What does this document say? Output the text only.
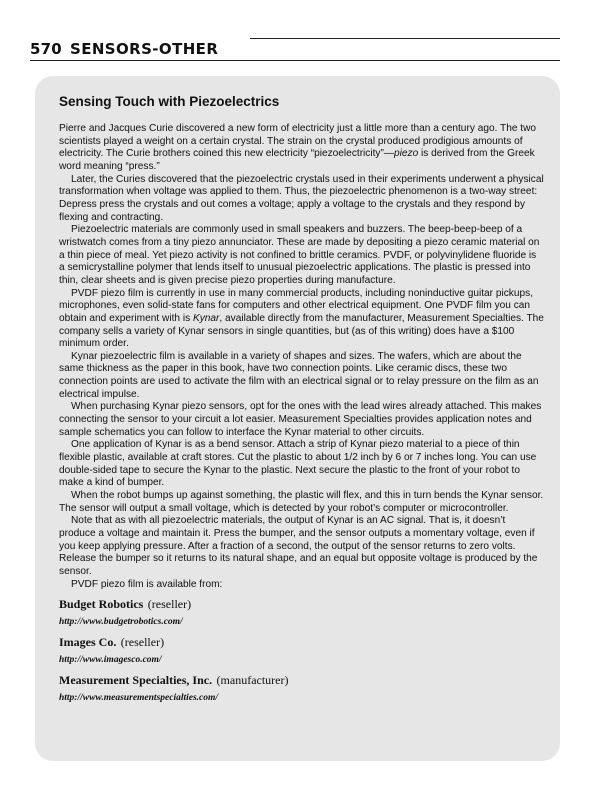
570 SENSORS-OTHER
Sensing Touch with Piezoelectrics

Pierre and Jacques Curie discovered a new form of electricity just a little more than a century ago. The two scientists played a weight on a certain crystal. The strain on the crystal produced prodigious amounts of electricity. The Curie brothers coined this new electricity “piezoelectricity”—piezo is derived from the Greek word meaning “press.”

Later, the Curies discovered that the piezoelectric crystals used in their experiments underwent a physical transformation when voltage was applied to them. Thus, the piezoelectric phenomenon is a two-way street: Depress press the crystals and out comes a voltage; apply a voltage to the crystals and they respond by flexing and contracting.

Piezoelectric materials are commonly used in small speakers and buzzers. The beep-beep-beep of a wristwatch comes from a tiny piezo annunciator. These are made by depositing a piezo ceramic material on a thin piece of meal. Yet piezo activity is not confined to brittle ceramics. PVDF, or polyvinylidene fluoride is a semicrystalline polymer that lends itself to unusual piezoelectric applications. The plastic is pressed into thin, clear sheets and is given precise piezo properties during manufacture.

PVDF piezo film is currently in use in many commercial products, including noninductive guitar pickups, microphones, even solid-state fans for computers and other electrical equipment. One PVDF film you can obtain and experiment with is Kynar, available directly from the manufacturer, Measurement Specialties. The company sells a variety of Kynar sensors in single quantities, but (as of this writing) does have a $100 minimum order.

Kynar piezoelectric film is available in a variety of shapes and sizes. The wafers, which are about the same thickness as the paper in this book, have two connection points. Like ceramic discs, these two connection points are used to activate the film with an electrical signal or to relay pressure on the film as an electrical impulse.

When purchasing Kynar piezo sensors, opt for the ones with the lead wires already attached. This makes connecting the sensor to your circuit a lot easier. Measurement Specialties provides application notes and sample schematics you can follow to interface the Kynar material to other circuits.

One application of Kynar is as a bend sensor. Attach a strip of Kynar piezo material to a piece of thin flexible plastic, available at craft stores. Cut the plastic to about 1/2 inch by 6 or 7 inches long. You can use double-sided tape to secure the Kynar to the plastic. Next secure the plastic to the front of your robot to make a kind of bumper.

When the robot bumps up against something, the plastic will flex, and this in turn bends the Kynar sensor. The sensor will output a small voltage, which is detected by your robot’s computer or microcontroller.

Note that as with all piezoelectric materials, the output of Kynar is an AC signal. That is, it doesn’t produce a voltage and maintain it. Press the bumper, and the sensor outputs a momentary voltage, even if you keep applying pressure. After a fraction of a second, the output of the sensor returns to zero volts. Release the bumper so it returns to its natural shape, and an equal but opposite voltage is produced by the sensor.

PVDF piezo film is available from:

Budget Robotics (reseller)
http://www.budgetrobotics.com/
Images Co. (reseller)
http://www.imagesco.com/
Measurement Specialties, Inc. (manufacturer)
http://www.measurementspecialties.com/
